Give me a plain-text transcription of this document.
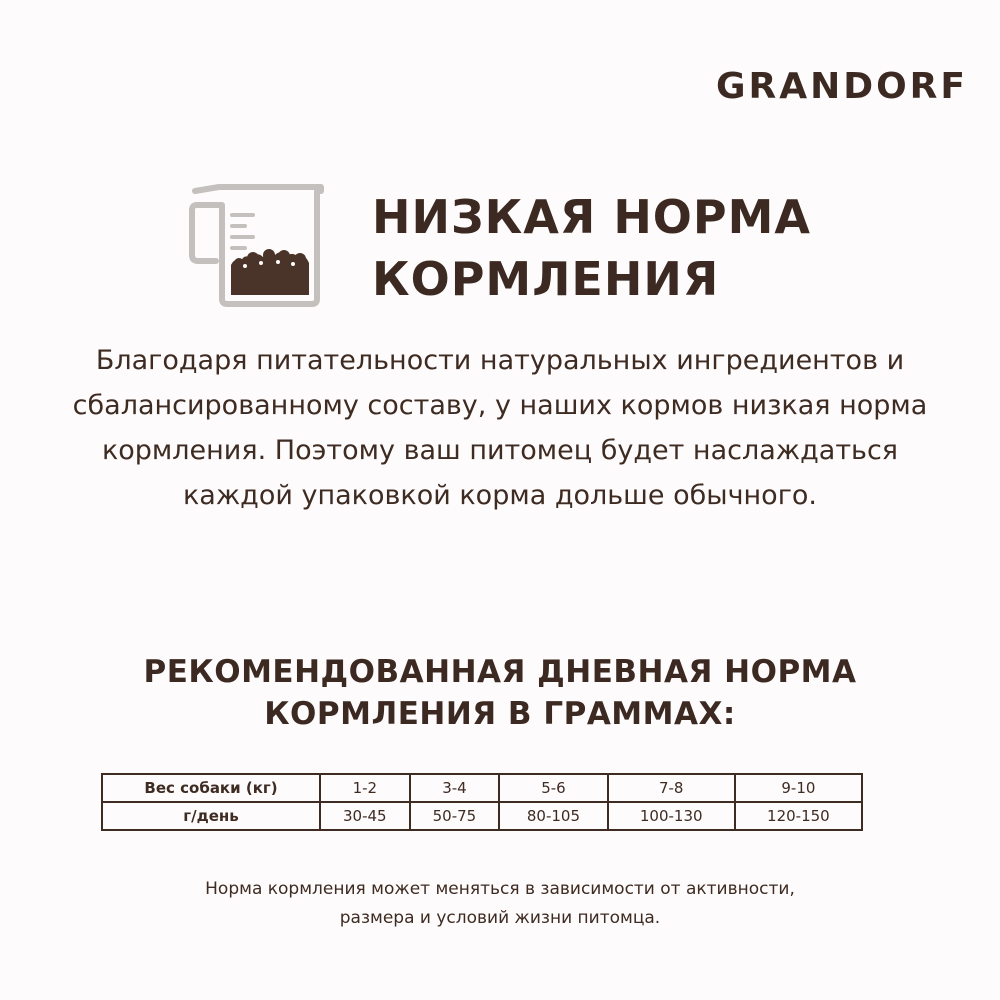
GRANDORF
НИЗКАЯ НОРМА
КОРМЛЕНИЯ
Благодаря питательности натуральных ингредиентов и
сбалансированному составу, у наших кормов низкая норма
кормления. Поэтому ваш питомец будет наслаждаться
каждой упаковкой корма дольше обычного.
РЕКОМЕНДОВАННАЯ ДНЕВНАЯ НОРМА
КОРМЛЕНИЯ В ГРАММАХ:
Вес собаки (кг)	1-2	3-4	5-6	7-8	9-10
г/день	30-45	50-75	80-105	100-130	120-150
Норма кормления может меняться в зависимости от активности,
размера и условий жизни питомца.
